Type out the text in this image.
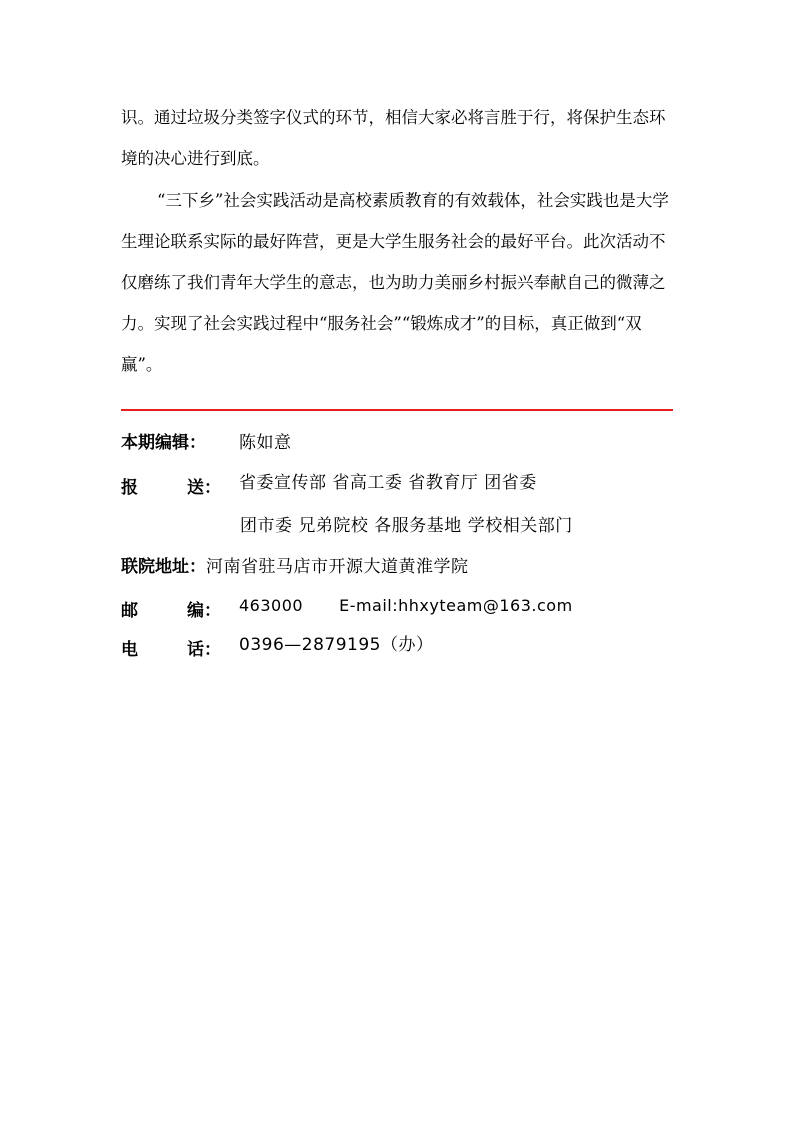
识。通过垃圾分类签字仪式的环节，相信大家必将言胜于行，将保护生态环境的决心进行到底。

“三下乡”社会实践活动是高校素质教育的有效载体，社会实践也是大学生理论联系实际的最好阵营，更是大学生服务社会的最好平台。此次活动不仅磨练了我们青年大学生的意志，也为助力美丽乡村振兴奉献自己的微薄之力。实现了社会实践过程中“服务社会”“锻炼成才”的目标，真正做到“双赢”。

本期编辑： 陈如意
报	送： 省委宣传部 省高工委 省教育厅 团省委
团市委 兄弟院校 各服务基地 学校相关部门
联院地址：河南省驻马店市开源大道黄淮学院
邮	编： 463000 E-mail:hhxyteam@163.com
电	话： 0396—2879195（办）
